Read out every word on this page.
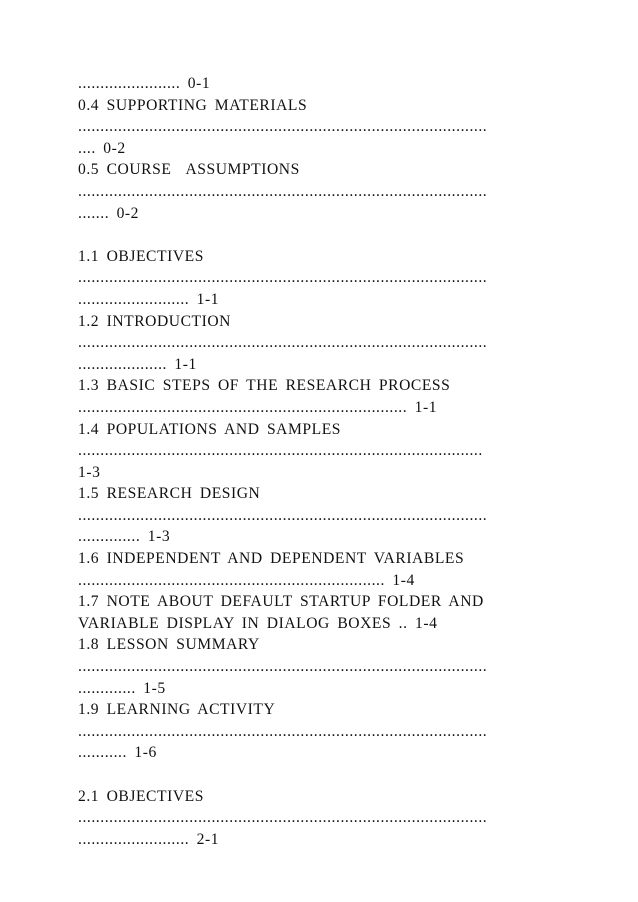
....................... 0-1
0.4 SUPPORTING MATERIALS
............................................................................................
.... 0-2
0.5 COURSE  ASSUMPTIONS
............................................................................................
....... 0-2
1.1 OBJECTIVES
............................................................................................
......................... 1-1
1.2 INTRODUCTION
............................................................................................
.................... 1-1
1.3 BASIC STEPS OF THE RESEARCH PROCESS
.......................................................................... 1-1
1.4 POPULATIONS AND SAMPLES
...........................................................................................
1-3
1.5 RESEARCH DESIGN
............................................................................................
.............. 1-3
1.6 INDEPENDENT AND DEPENDENT VARIABLES
..................................................................... 1-4
1.7 NOTE ABOUT DEFAULT STARTUP FOLDER AND
VARIABLE DISPLAY IN DIALOG BOXES .. 1-4
1.8 LESSON SUMMARY
............................................................................................
............. 1-5
1.9 LEARNING ACTIVITY
............................................................................................
........... 1-6
2.1 OBJECTIVES
............................................................................................
......................... 2-1
